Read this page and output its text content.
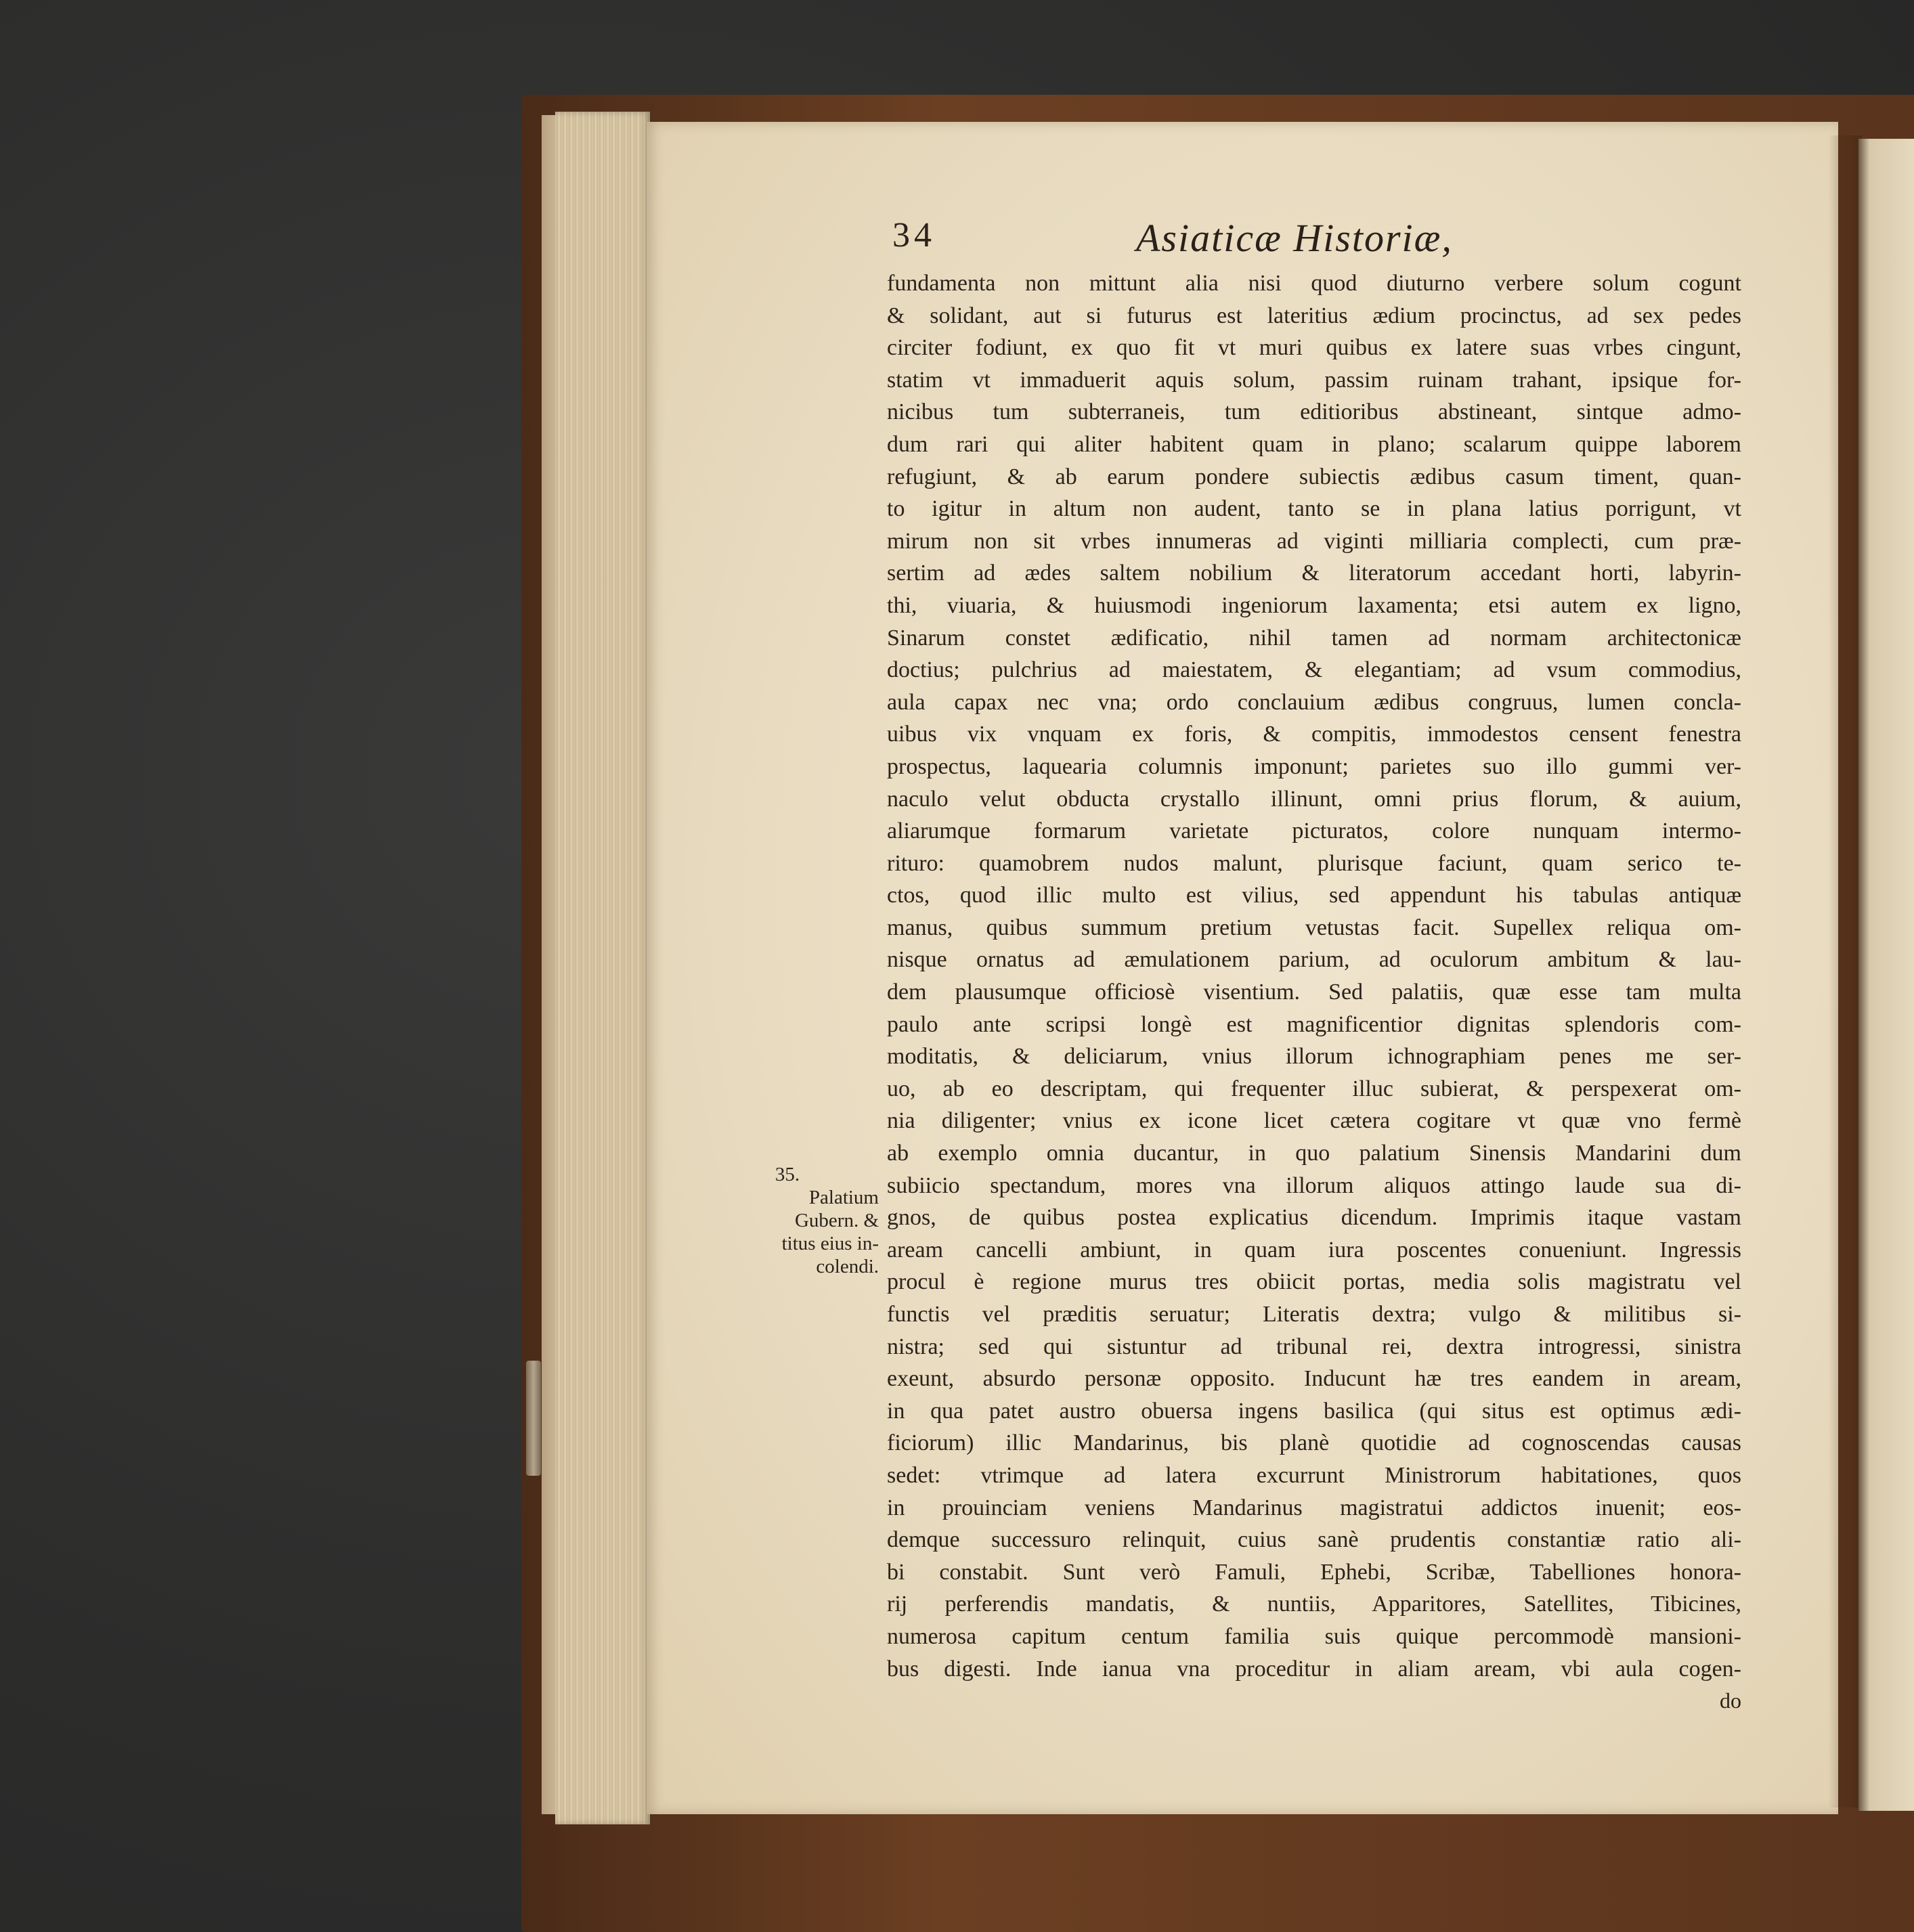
34	Asiaticæ Historiæ,
35.
Palatium
Gubern. &
titus eius in-
colendi.
fundamenta non mittunt alia nisi quod diuturno verbere solum cogunt
& solidant, aut si futurus est lateritius ædium procinctus, ad sex pedes
circiter fodiunt, ex quo fit vt muri quibus ex latere suas vrbes cingunt,
statim vt immaduerit aquis solum, passim ruinam trahant, ipsique for-
nicibus tum subterraneis, tum editioribus abstineant, sintque admo-
dum rari qui aliter habitent quam in plano; scalarum quippe laborem
refugiunt, & ab earum pondere subiectis ædibus casum timent, quan-
to igitur in altum non audent, tanto se in plana latius porrigunt, vt
mirum non sit vrbes innumeras ad viginti milliaria complecti, cum præ-
sertim ad ædes saltem nobilium & literatorum accedant horti, labyrin-
thi, viuaria, & huiusmodi ingeniorum laxamenta; etsi autem ex ligno,
Sinarum constet ædificatio, nihil tamen ad normam architectonicæ
doctius; pulchrius ad maiestatem, & elegantiam; ad vsum commodius,
aula capax nec vna; ordo conclauium ædibus congruus, lumen concla-
uibus vix vnquam ex foris, & compitis, immodestos censent fenestra
prospectus, laquearia columnis imponunt; parietes suo illo gummi ver-
naculo velut obducta crystallo illinunt, omni prius florum, & auium,
aliarumque formarum varietate picturatos, colore nunquam intermo-
rituro: quamobrem nudos malunt, plurisque faciunt, quam serico te-
ctos, quod illic multo est vilius, sed appendunt his tabulas antiquæ
manus, quibus summum pretium vetustas facit. Supellex reliqua om-
nisque ornatus ad æmulationem parium, ad oculorum ambitum & lau-
dem plausumque officiosè visentium. Sed palatiis, quæ esse tam multa
paulo ante scripsi longè est magnificentior dignitas splendoris com-
moditatis, & deliciarum, vnius illorum ichnographiam penes me ser-
uo, ab eo descriptam, qui frequenter illuc subierat, & perspexerat om-
nia diligenter; vnius ex icone licet cætera cogitare vt quæ vno fermè
ab exemplo omnia ducantur, in quo palatium Sinensis Mandarini dum
subiicio spectandum, mores vna illorum aliquos attingo laude sua di-
gnos, de quibus postea explicatius dicendum. Imprimis itaque vastam
aream cancelli ambiunt, in quam iura poscentes conueniunt. Ingressis
procul è regione murus tres obiicit portas, media solis magistratu vel
functis vel præditis seruatur; Literatis dextra; vulgo & militibus si-
nistra; sed qui sistuntur ad tribunal rei, dextra introgressi, sinistra
exeunt, absurdo personæ opposito. Inducunt hæ tres eandem in aream,
in qua patet austro obuersa ingens basilica (qui situs est optimus ædi-
ficiorum) illic Mandarinus, bis planè quotidie ad cognoscendas causas
sedet: vtrimque ad latera excurrunt Ministrorum habitationes, quos
in prouinciam veniens Mandarinus magistratui addictos inuenit; eos-
demque successuro relinquit, cuius sanè prudentis constantiæ ratio ali-
bi constabit. Sunt verò Famuli, Ephebi, Scribæ, Tabelliones honora-
rij perferendis mandatis, & nuntiis, Apparitores, Satellites, Tibicines,
numerosa capitum centum familia suis quique percommodè mansioni-
bus digesti. Inde ianua vna proceditur in aliam aream, vbi aula cogen-
do
